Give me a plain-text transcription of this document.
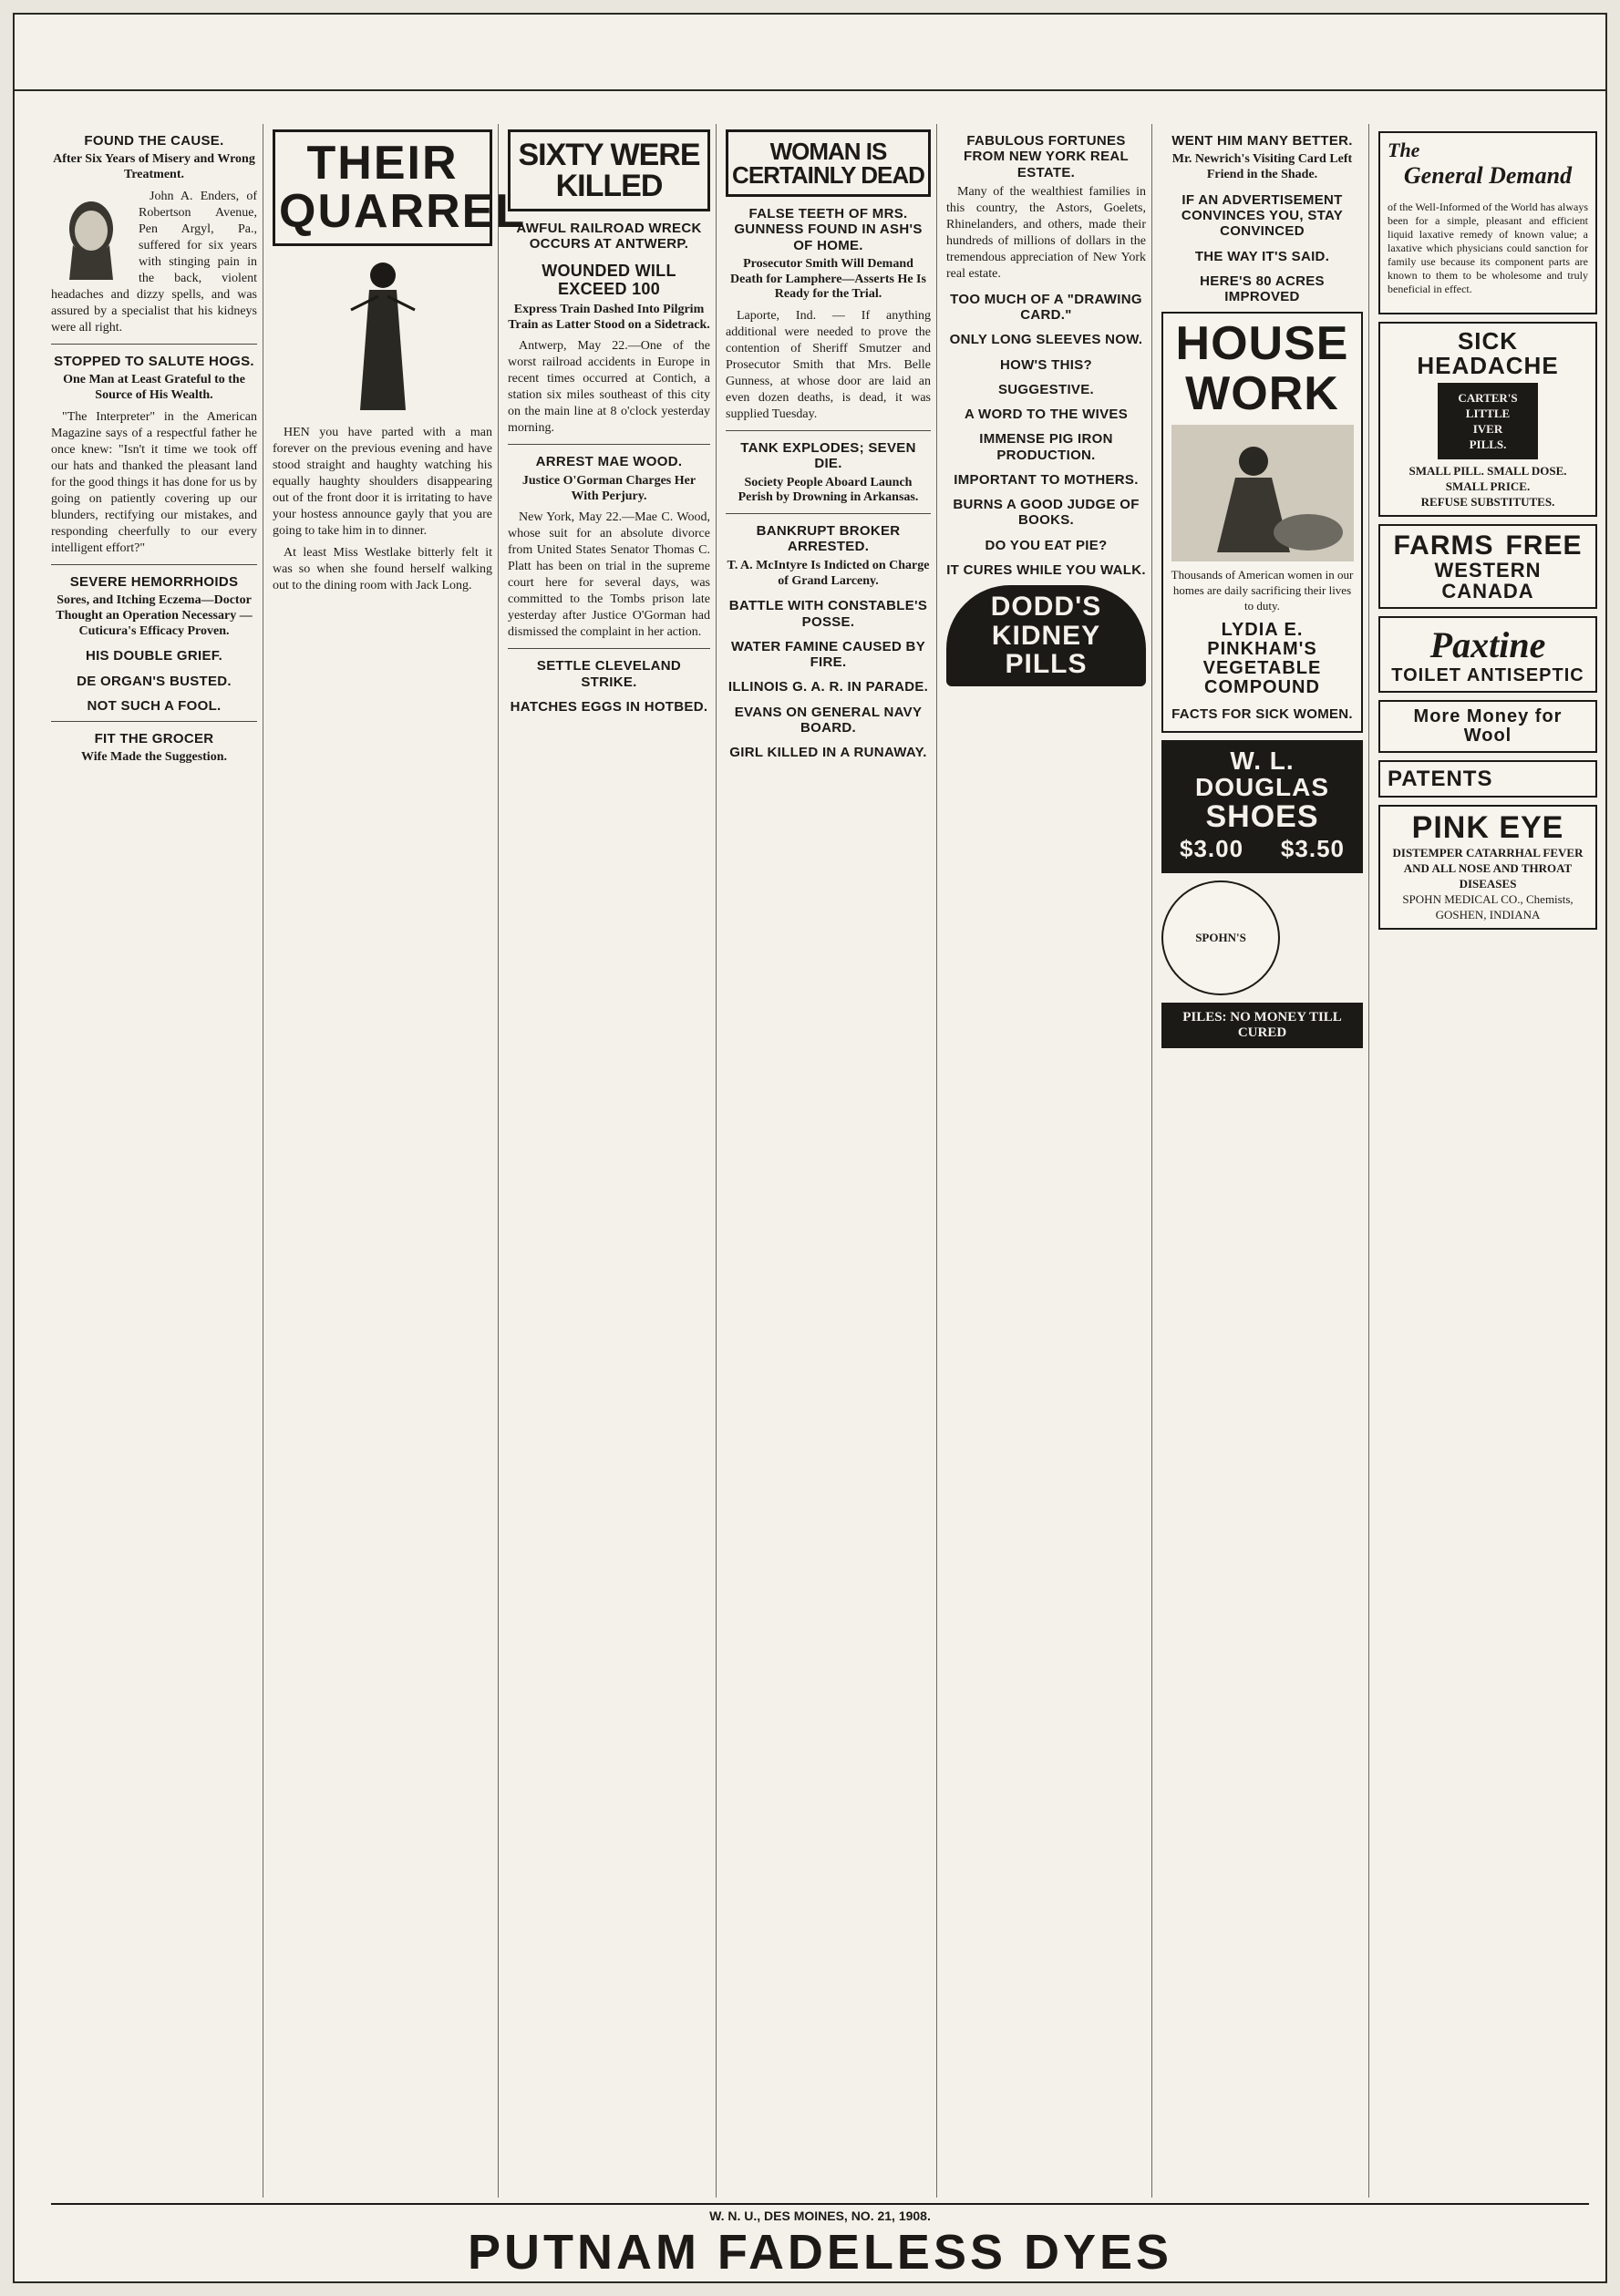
FOUND THE CAUSE.
After Six Years of Misery and Wrong Treatment.

John A. Enders, of Robertson Avenue, Pen Argyl, Pa., suffered for six years with stinging pain in the back, violent headaches and dizzy spells, and was assured by a specialist that his kidneys were all right.

STOPPED TO SALUTE HOGS.
One Man at Least Grateful to the Source of His Wealth.

"The Interpreter" in the American Magazine says of a respectful father he once knew: "Isn't it time we took off our hats and thanked the pleasant land for the good things it has done for us by going on patiently covering up our blunders, rectifying our mistakes, and responding cheerfully to our every intelligent effort?"

SEVERE HEMORRHOIDS
Sores, and Itching Eczema—Doctor Thought an Operation Necessary —Cuticura's Efficacy Proven.
HIS DOUBLE GRIEF.
DE ORGAN'S BUSTED.
NOT SUCH A FOOL.
FIT THE GROCER
Wife Made the Suggestion.
THEIR
QUARREL

HEN you have parted with a man forever on the previous evening and have stood straight and haughty watching his equally haughty shoulders disappearing out of the front door it is irritating to have your hostess announce gayly that you are going to take him in to dinner.

At least Miss Westlake bitterly felt it was so when she found herself walking out to the dining room with Jack Long.

SIXTY WERE KILLED
AWFUL RAILROAD WRECK OCCURS AT ANTWERP.
WOUNDED WILL EXCEED 100
Express Train Dashed Into Pilgrim Train as Latter Stood on a Sidetrack.

Antwerp, May 22.—One of the worst railroad accidents in Europe in recent times occurred at Contich, a station six miles southeast of this city on the main line at 8 o'clock yesterday morning.

ARREST MAE WOOD.
Justice O'Gorman Charges Her With Perjury.

New York, May 22.—Mae C. Wood, whose suit for an absolute divorce from United States Senator Thomas C. Platt has been on trial in the supreme court here for several days, was committed to the Tombs prison late yesterday after Justice O'Gorman had dismissed the complaint in her action.

SETTLE CLEVELAND STRIKE.
HATCHES EGGS IN HOTBED.
WOMAN IS CERTAINLY DEAD
FALSE TEETH OF MRS. GUNNESS FOUND IN ASH'S OF HOME.
Prosecutor Smith Will Demand Death for Lamphere—Asserts He Is Ready for the Trial.

Laporte, Ind. — If anything additional were needed to prove the contention of Sheriff Smutzer and Prosecutor Smith that Mrs. Belle Gunness, at whose door are laid an even dozen deaths, is dead, it was supplied Tuesday.

TANK EXPLODES; SEVEN DIE.
Society People Aboard Launch Perish by Drowning in Arkansas.
BANKRUPT BROKER ARRESTED.
T. A. McIntyre Is Indicted on Charge of Grand Larceny.
BATTLE WITH CONSTABLE'S POSSE.
WATER FAMINE CAUSED BY FIRE.
ILLINOIS G. A. R. IN PARADE.
EVANS ON GENERAL NAVY BOARD.
GIRL KILLED IN A RUNAWAY.
FABULOUS FORTUNES FROM NEW YORK REAL ESTATE.

Many of the wealthiest families in this country, the Astors, Goelets, Rhinelanders, and others, made their hundreds of millions of dollars in the tremendous appreciation of New York real estate.

TOO MUCH OF A "DRAWING CARD."
ONLY LONG SLEEVES NOW.
HOW'S THIS?
SUGGESTIVE.
A WORD TO THE WIVES
IMMENSE PIG IRON PRODUCTION.
IMPORTANT TO MOTHERS.
BURNS A GOOD JUDGE OF BOOKS.
DO YOU EAT PIE?
IT CURES WHILE YOU WALK.
DODD'S
KIDNEY
PILLS
WENT HIM MANY BETTER.
Mr. Newrich's Visiting Card Left Friend in the Shade.
IF AN ADVERTISEMENT CONVINCES YOU, STAY CONVINCED
THE WAY IT'S SAID.
HERE'S 80 ACRES IMPROVED
HOUSE
WORK
Thousands of American women in our homes are daily sacrificing their lives to duty.
LYDIA E. PINKHAM'S
VEGETABLE COMPOUND
FACTS FOR SICK WOMEN.
W. L. DOUGLAS
SHOES
$3.00 $3.50
SPOHN'S
PILES: NO MONEY TILL CURED
The
General Demand

of the Well-Informed of the World has always been for a simple, pleasant and efficient liquid laxative remedy of known value; a laxative which physicians could sanction for family use because its component parts are known to them to be wholesome and truly beneficial in effect.

SICK HEADACHE
CARTER'S
LITTLE
IVER
PILLS.
SMALL PILL. SMALL DOSE. SMALL PRICE.
REFUSE SUBSTITUTES.
FARMS FREE
WESTERN CANADA
Paxtine
TOILET ANTISEPTIC
More Money for Wool
PATENTS
PINK EYE
DISTEMPER CATARRHAL FEVER AND ALL NOSE AND THROAT DISEASES
SPOHN MEDICAL CO., Chemists, GOSHEN, INDIANA
W. N. U., DES MOINES, NO. 21, 1908.
PUTNAM FADELESS DYES
